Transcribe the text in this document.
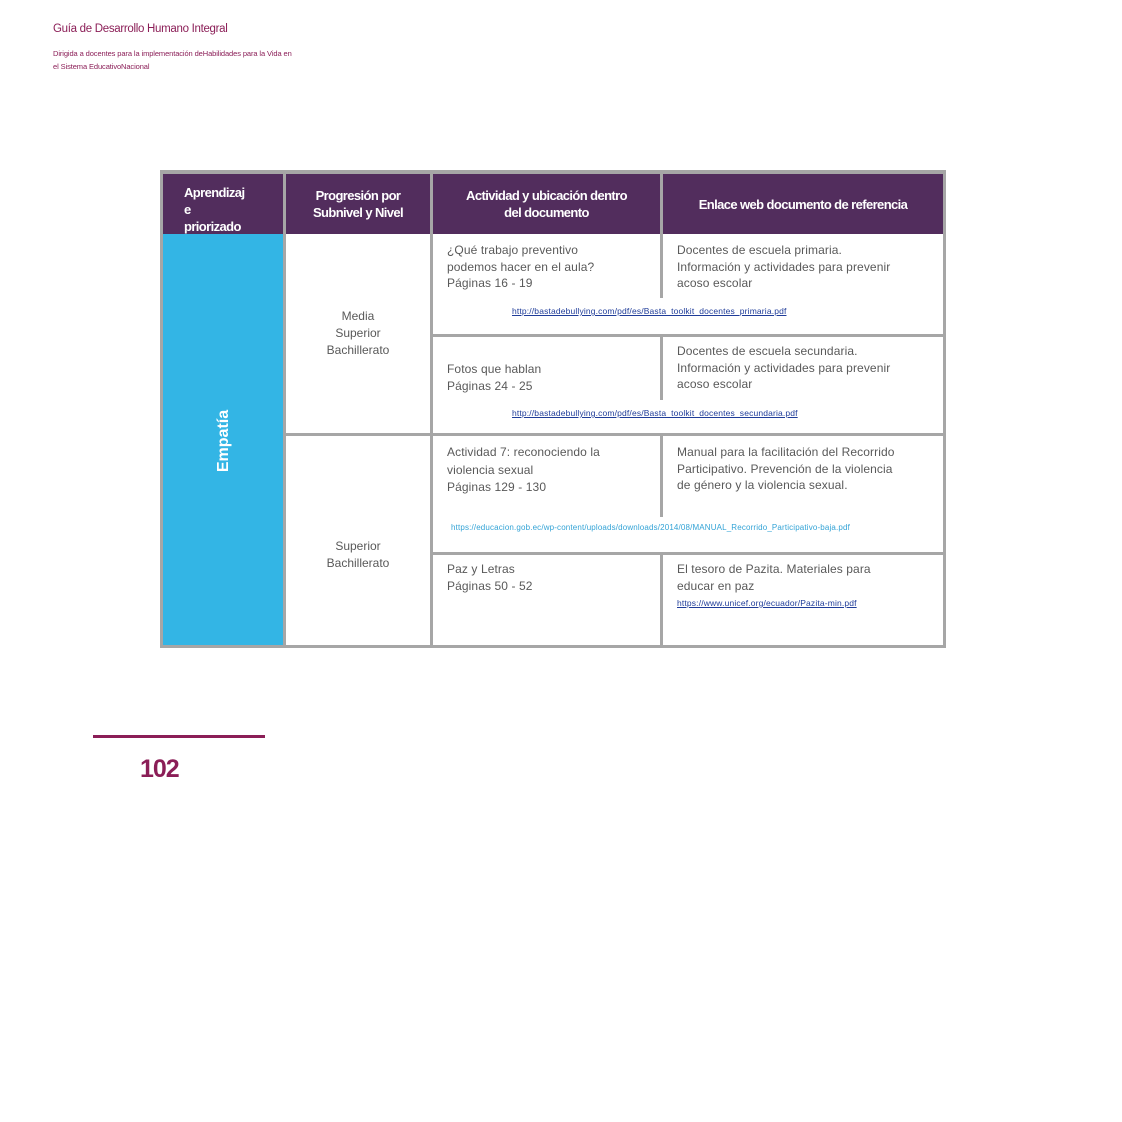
Guía de Desarrollo Humano Integral
Dirigida a docentes para la implementación deHabilidades para la Vida en el Sistema EducativoNacional
Aprendizaj
e
priorizado
Progresión por
Subnivel y Nivel
Actividad y ubicación dentro
del documento
Enlace web documento de referencia
Empatía
Media
Superior
Bachillerato
Superior
Bachillerato
¿Qué trabajo preventivo
podemos hacer en el aula?
Páginas 16 - 19
Docentes de escuela primaria.
Información y actividades para prevenir
acoso escolar
http://bastadebullying.com/pdf/es/Basta_toolkit_docentes_primaria.pdf
Fotos que hablan
Páginas 24 - 25
Docentes de escuela secundaria.
Información y actividades para prevenir
acoso escolar
http://bastadebullying.com/pdf/es/Basta_toolkit_docentes_secundaria.pdf
Actividad 7: reconociendo la
violencia sexual
Páginas 129 - 130
Manual para la facilitación del Recorrido
Participativo. Prevención de la violencia
de género y la violencia sexual.
https://educacion.gob.ec/wp-content/uploads/downloads/2014/08/MANUAL_Recorrido_Participativo-baja.pdf
Paz y Letras
Páginas 50 - 52
El tesoro de Pazita. Materiales para
educar en paz
https://www.unicef.org/ecuador/Pazita-min.pdf
102
